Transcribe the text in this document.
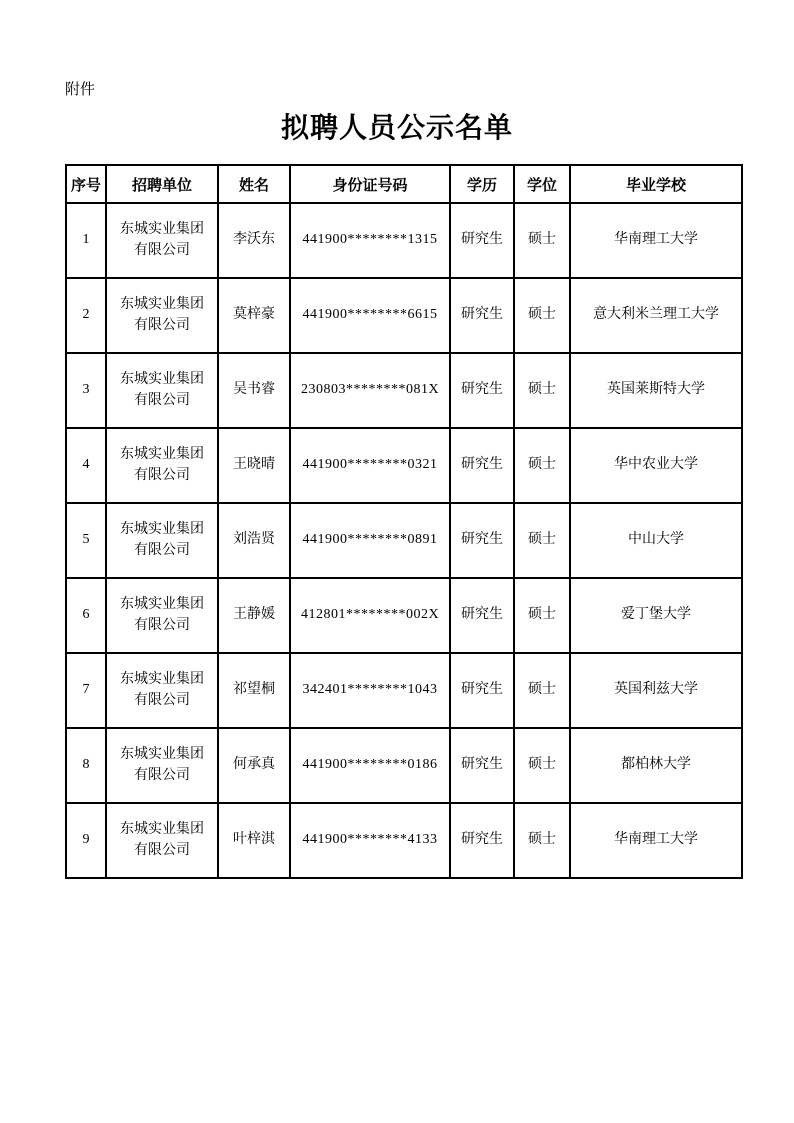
附件
拟聘人员公示名单
序号	招聘单位	姓名	身份证号码	学历	学位	毕业学校
1	东城实业集团有限公司	李沃东	441900********1315	研究生	硕士	华南理工大学
2	东城实业集团有限公司	莫梓豪	441900********6615	研究生	硕士	意大利米兰理工大学
3	东城实业集团有限公司	吴书睿	230803********081X	研究生	硕士	英国莱斯特大学
4	东城实业集团有限公司	王晓晴	441900********0321	研究生	硕士	华中农业大学
5	东城实业集团有限公司	刘浩贤	441900********0891	研究生	硕士	中山大学
6	东城实业集团有限公司	王静媛	412801********002X	研究生	硕士	爱丁堡大学
7	东城实业集团有限公司	祁望桐	342401********1043	研究生	硕士	英国利兹大学
8	东城实业集团有限公司	何承真	441900********0186	研究生	硕士	都柏林大学
9	东城实业集团有限公司	叶梓淇	441900********4133	研究生	硕士	华南理工大学
